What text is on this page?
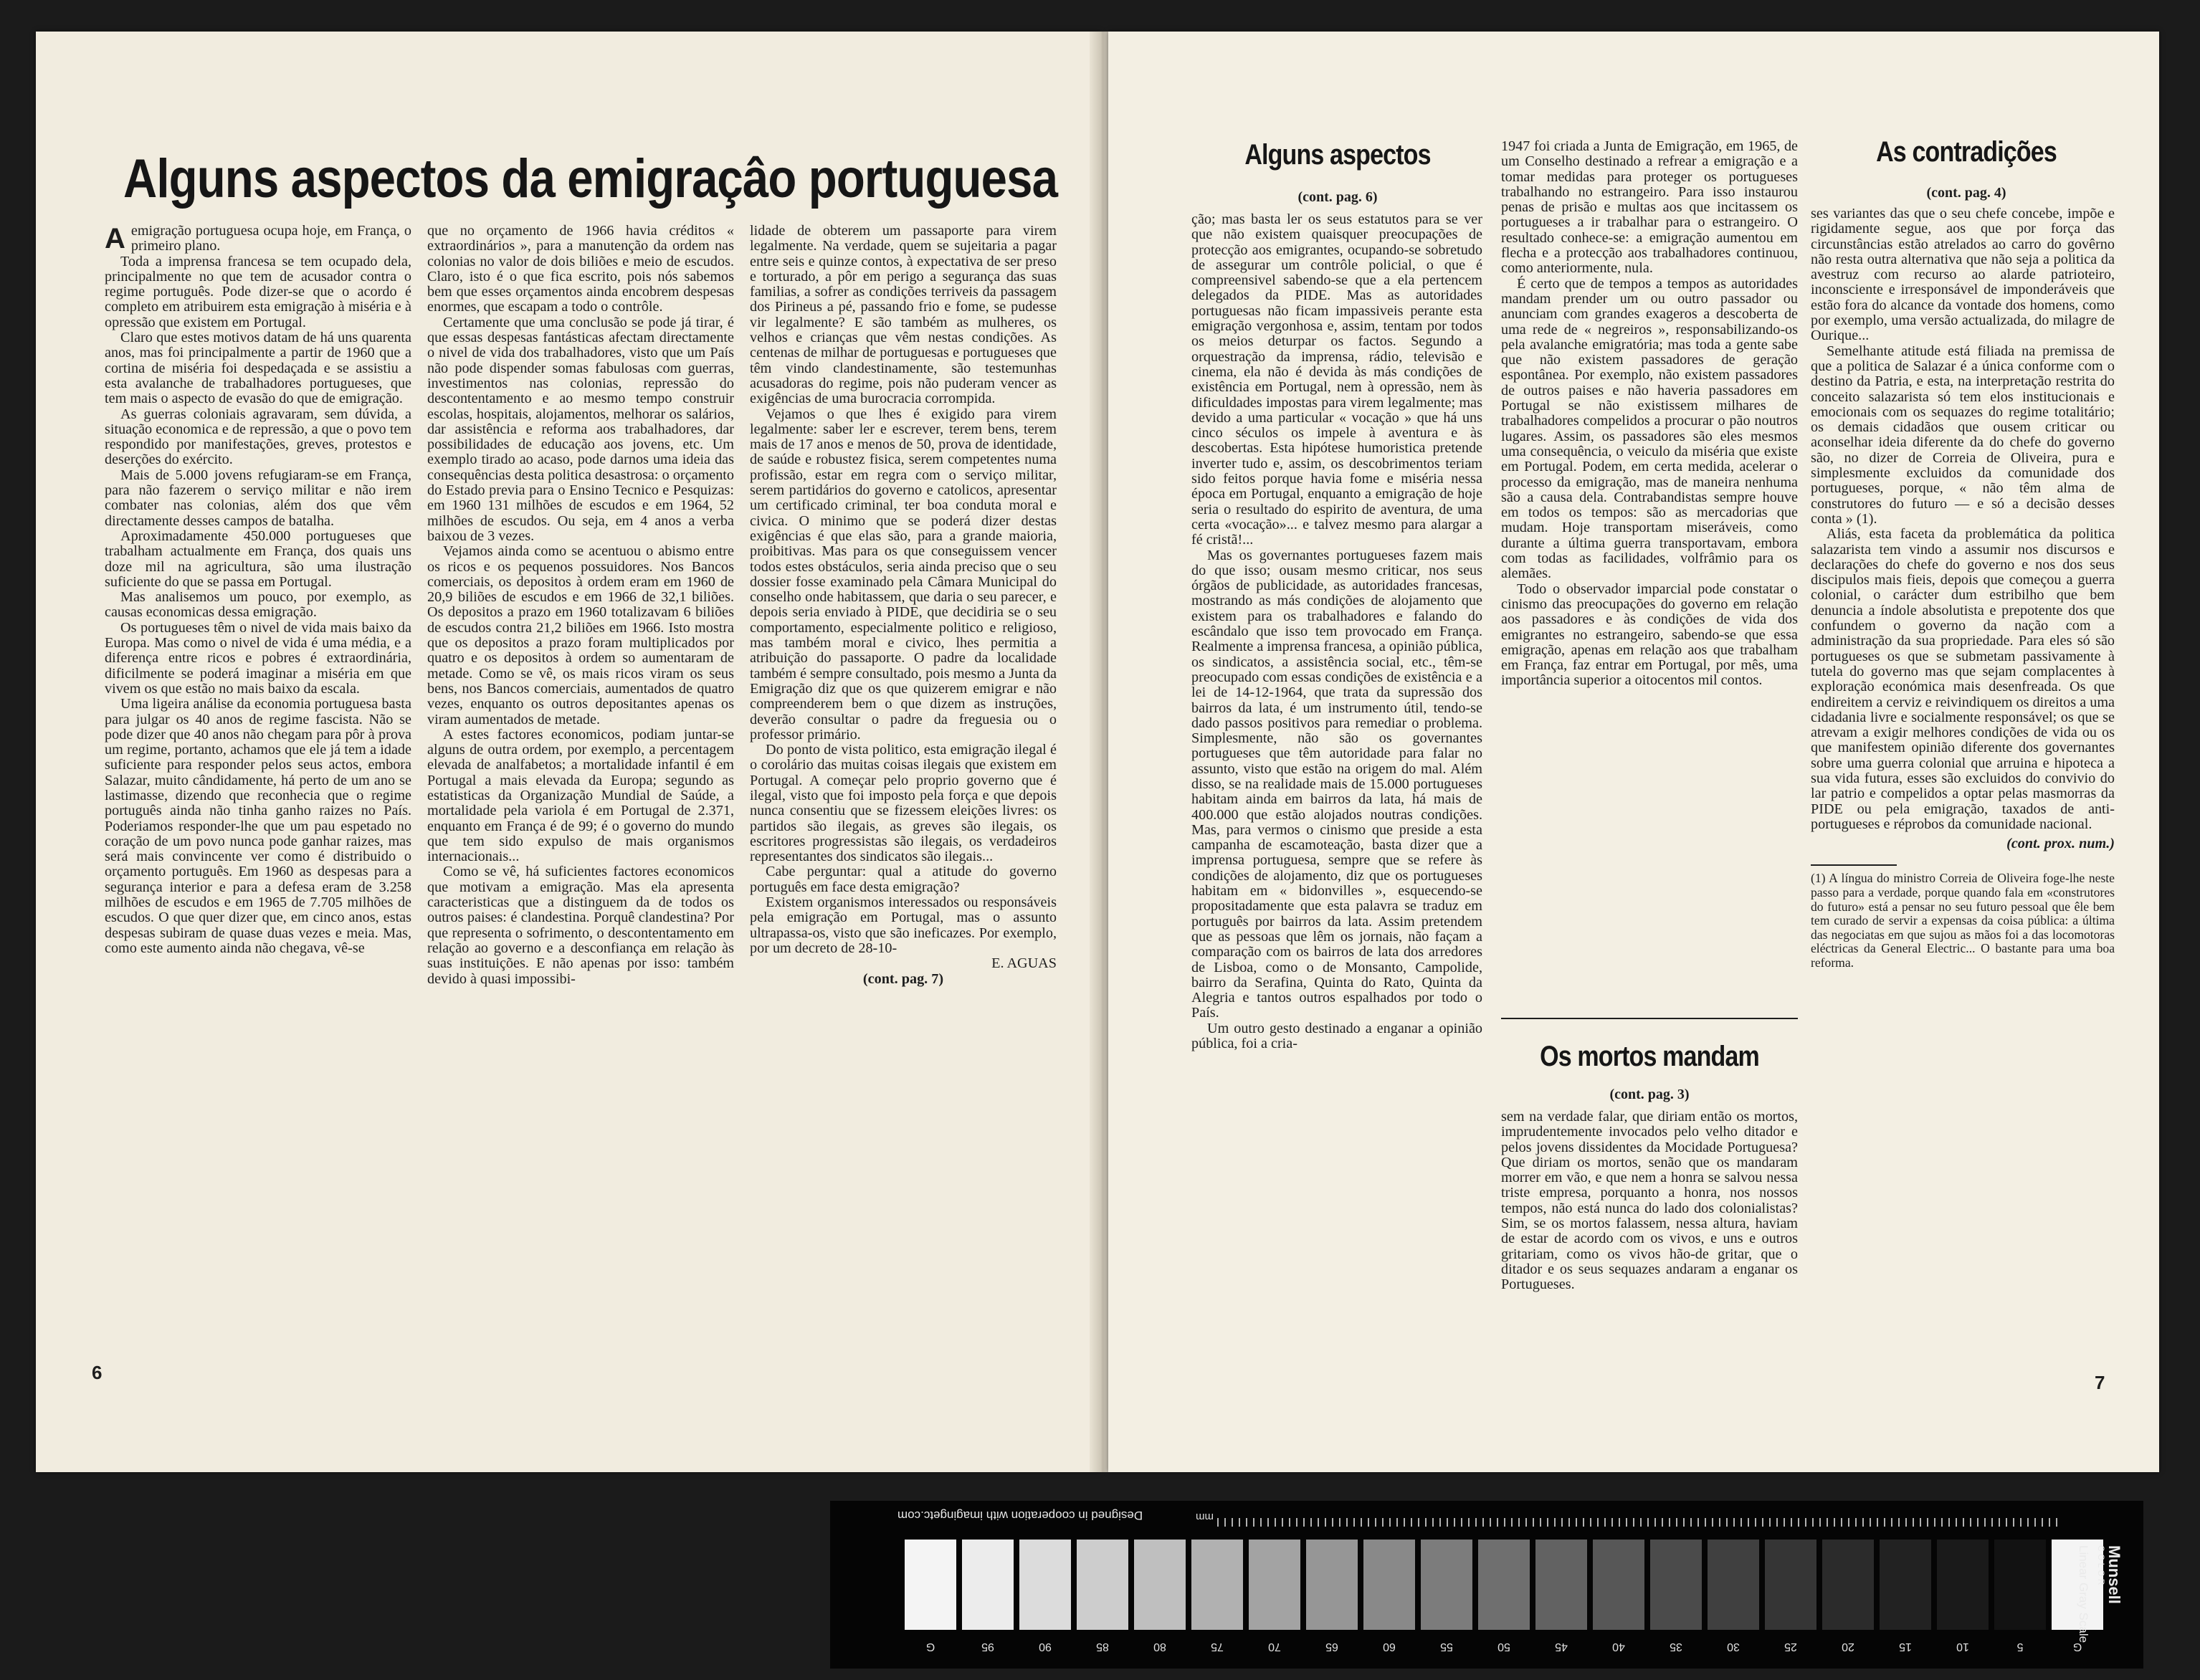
Alguns aspectos da emigraçâo portuguesa

Aemigração portuguesa ocupa hoje, em França, o primeiro plano.

Toda a imprensa francesa se tem ocupado dela, principalmente no que tem de acusador contra o regime português. Pode dizer-se que o acordo é completo em atribuirem esta emigração à miséria e à opressão que existem em Portugal.

Claro que estes motivos datam de há uns quarenta anos, mas foi principalmente a partir de 1960 que a cortina de miséria foi despedaçada e se assistiu a esta avalanche de trabalhadores portugueses, que tem mais o aspecto de evasão do que de emigração.

As guerras coloniais agravaram, sem dúvida, a situação economica e de repressão, a que o povo tem respondido por manifestações, greves, protestos e deserções do exército.

Mais de 5.000 jovens refugiaram-se em França, para não fazerem o serviço militar e não irem combater nas colonias, além dos que vêm directamente desses campos de batalha.

Aproximadamente 450.000 portugueses que trabalham actualmente em França, dos quais uns doze mil na agricultura, são uma ilustração suficiente do que se passa em Portugal.

Mas analisemos um pouco, por exemplo, as causas economicas dessa emigração.

Os portugueses têm o nivel de vida mais baixo da Europa. Mas como o nivel de vida é uma média, e a diferença entre ricos e pobres é extraordinária, dificilmente se poderá imaginar a miséria em que vivem os que estão no mais baixo da escala.

Uma ligeira análise da economia portuguesa basta para julgar os 40 anos de regime fascista. Não se pode dizer que 40 anos não chegam para pôr à prova um regime, portanto, achamos que ele já tem a idade suficiente para responder pelos seus actos, embora Salazar, muito cândidamente, há perto de um ano se lastimasse, dizendo que reconhecia que o regime português ainda não tinha ganho raizes no País. Poderiamos responder-lhe que um pau espetado no coração de um povo nunca pode ganhar raizes, mas será mais convincente ver como é distribuido o orçamento português. Em 1960 as despesas para a segurança interior e para a defesa eram de 3.258 milhões de escudos e em 1965 de 7.705 milhões de escudos. O que quer dizer que, em cinco anos, estas despesas subiram de quase duas vezes e meia. Mas, como este aumento ainda não chegava, vê-se

que no orçamento de 1966 havia créditos « extraordinários », para a manutenção da ordem nas colonias no valor de dois biliões e meio de escudos. Claro, isto é o que fica escrito, pois nós sabemos bem que esses orçamentos ainda encobrem despesas enormes, que escapam a todo o contrôle.

Certamente que uma conclusão se pode já tirar, é que essas despesas fantásticas afectam directamente o nivel de vida dos trabalhadores, visto que um País não pode dispender somas fabulosas com guerras, investimentos nas colonias, repressão do descontentamento e ao mesmo tempo construir escolas, hospitais, alojamentos, melhorar os salários, dar assistência e reforma aos trabalhadores, dar possibilidades de educação aos jovens, etc. Um exemplo tirado ao acaso, pode darnos uma ideia das consequências desta politica desastrosa: o orçamento do Estado previa para o Ensino Tecnico e Pesquizas: em 1960 131 milhões de escudos e em 1964, 52 milhões de escudos. Ou seja, em 4 anos a verba baixou de 3 vezes.

Vejamos ainda como se acentuou o abismo entre os ricos e os pequenos possuidores. Nos Bancos comerciais, os depositos à ordem eram em 1960 de 20,9 biliões de escudos e em 1966 de 32,1 biliões. Os depositos a prazo em 1960 totalizavam 6 biliões de escudos contra 21,2 biliões em 1966. Isto mostra que os depositos a prazo foram multiplicados por quatro e os depositos à ordem so aumentaram de metade. Como se vê, os mais ricos viram os seus bens, nos Bancos comerciais, aumentados de quatro vezes, enquanto os outros depositantes apenas os viram aumentados de metade.

A estes factores economicos, podiam juntar-se alguns de outra ordem, por exemplo, a percentagem elevada de analfabetos; a mortalidade infantil é em Portugal a mais elevada da Europa; segundo as estatisticas da Organização Mundial de Saúde, a mortalidade pela variola é em Portugal de 2.371, enquanto em França é de 99; é o governo do mundo que tem sido expulso de mais organismos internacionais...

Como se vê, há suficientes factores economicos que motivam a emigração. Mas ela apresenta caracteristicas que a distinguem da de todos os outros paises: é clandestina. Porquê clandestina? Por que representa o sofrimento, o descontentamento em relação ao governo e a desconfiança em relação às suas instituições. E não apenas por isso: também devido à quasi impossibi-

lidade de obterem um passaporte para virem legalmente. Na verdade, quem se sujeitaria a pagar entre seis e quinze contos, à expectativa de ser preso e torturado, a pôr em perigo a segurança das suas familias, a sofrer as condições terriveis da passagem dos Pirineus a pé, passando frio e fome, se pudesse vir legalmente? E são também as mulheres, os velhos e crianças que vêm nestas condições. As centenas de milhar de portuguesas e portugueses que têm vindo clandestinamente, são testemunhas acusadoras do regime, pois não puderam vencer as exigências de uma burocracia corrompida.

Vejamos o que lhes é exigido para virem legalmente: saber ler e escrever, terem bens, terem mais de 17 anos e menos de 50, prova de identidade, de saúde e robustez fisica, serem competentes numa profissão, estar em regra com o serviço militar, serem partidários do governo e catolicos, apresentar um certificado criminal, ter boa conduta moral e civica. O minimo que se poderá dizer destas exigências é que elas são, para a grande maioria, proibitivas. Mas para os que conseguissem vencer todos estes obstáculos, seria ainda preciso que o seu dossier fosse examinado pela Câmara Municipal do conselho onde habitassem, que daria o seu parecer, e depois seria enviado à PIDE, que decidiria se o seu comportamento, especialmente politico e religioso, mas também moral e civico, lhes permitia a atribuição do passaporte. O padre da localidade também é sempre consultado, pois mesmo a Junta da Emigração diz que os que quizerem emigrar e não compreenderem bem o que dizem as instruções, deverão consultar o padre da freguesia ou o professor primário.

Do ponto de vista politico, esta emigração ilegal é o corolário das muitas coisas ilegais que existem em Portugal. A começar pelo proprio governo que é ilegal, visto que foi imposto pela força e que depois nunca consentiu que se fizessem eleições livres: os partidos são ilegais, as greves são ilegais, os escritores progressistas são ilegais, os verdadeiros representantes dos sindicatos são ilegais...

Cabe perguntar: qual a atitude do governo português em face desta emigração?

Existem organismos interessados ou responsáveis pela emigração em Portugal, mas o assunto ultrapassa-os, visto que são ineficazes. Por exemplo, por um decreto de 28-10-

E. AGUAS

(cont. pag. 7)

6
Alguns aspectos
(cont. pag. 6)

ção; mas basta ler os seus estatutos para se ver que não existem quaisquer preocupações de protecção aos emigrantes, ocupando-se sobretudo de assegurar um contrôle policial, o que é compreensivel sabendo-se que a ela pertencem delegados da PIDE. Mas as autoridades portuguesas não ficam impassiveis perante esta emigração vergonhosa e, assim, tentam por todos os meios deturpar os factos. Segundo a orquestração da imprensa, rádio, televisão e cinema, ela não é devida às más condições de existência em Portugal, nem à opressão, nem às dificuldades impostas para virem legalmente; mas devido a uma particular « vocação » que há uns cinco séculos os impele à aventura e às descobertas. Esta hipótese humoristica pretende inverter tudo e, assim, os descobrimentos teriam sido feitos porque havia fome e miséria nessa época em Portugal, enquanto a emigração de hoje seria o resultado do espirito de aventura, de uma certa «vocação»... e talvez mesmo para alargar a fé cristã!...

Mas os governantes portugueses fazem mais do que isso; ousam mesmo criticar, nos seus órgãos de publicidade, as autoridades francesas, mostrando as más condições de alojamento que existem para os trabalhadores e falando do escândalo que isso tem provocado em França. Realmente a imprensa francesa, a opinião pública, os sindicatos, a assistência social, etc., têm-se preocupado com essas condições de existência e a lei de 14-12-1964, que trata da supressão dos bairros da lata, é um instrumento útil, tendo-se dado passos positivos para remediar o problema. Simplesmente, não são os governantes portugueses que têm autoridade para falar no assunto, visto que estão na origem do mal. Além disso, se na realidade mais de 15.000 portugueses habitam ainda em bairros da lata, há mais de 400.000 que estão alojados noutras condições. Mas, para vermos o cinismo que preside a esta campanha de escamoteação, basta dizer que a imprensa portuguesa, sempre que se refere às condições de alojamento, diz que os portugueses habitam em « bidonvilles », esquecendo-se propositadamente que esta palavra se traduz em português por bairros da lata. Assim pretendem que as pessoas que lêm os jornais, não façam a comparação com os bairros de lata dos arredores de Lisboa, como o de Monsanto, Campolide, bairro da Serafina, Quinta do Rato, Quinta da Alegria e tantos outros espalhados por todo o País.

Um outro gesto destinado a enganar a opinião pública, foi a cria-

1947 foi criada a Junta de Emigração, em 1965, de um Conselho destinado a refrear a emigração e a tomar medidas para proteger os portugueses trabalhando no estrangeiro. Para isso instaurou penas de prisão e multas aos que incitassem os portugueses a ir trabalhar para o estrangeiro. O resultado conhece-se: a emigração aumentou em flecha e a protecção aos trabalhadores continuou, como anteriormente, nula.

É certo que de tempos a tempos as autoridades mandam prender um ou outro passador ou anunciam com grandes exageros a descoberta de uma rede de « negreiros », responsabilizando-os pela avalanche emigratória; mas toda a gente sabe que não existem passadores de geração espontânea. Por exemplo, não existem passadores de outros paises e não haveria passadores em Portugal se não existissem milhares de trabalhadores compelidos a procurar o pão noutros lugares. Assim, os passadores são eles mesmos uma consequência, o veiculo da miséria que existe em Portugal. Podem, em certa medida, acelerar o processo da emigração, mas de maneira nenhuma são a causa dela. Contrabandistas sempre houve em todos os tempos: são as mercadorias que mudam. Hoje transportam miseráveis, como durante a última guerra transportavam, embora com todas as facilidades, volfrâmio para os alemães.

Todo o observador imparcial pode constatar o cinismo das preocupações do governo em relação aos passadores e às condições de vida dos emigrantes no estrangeiro, sabendo-se que essa emigração, apenas em relação aos que trabalham em França, faz entrar em Portugal, por mês, uma importância superior a oitocentos mil contos.

Os mortos mandam
(cont. pag. 3)

sem na verdade falar, que diriam então os mortos, imprudentemente invocados pelo velho ditador e pelos jovens dissidentes da Mocidade Portuguesa? Que diriam os mortos, senão que os mandaram morrer em vão, e que nem a honra se salvou nessa triste empresa, porquanto a honra, nos nossos tempos, não está nunca do lado dos colonialistas? Sim, se os mortos falassem, nessa altura, haviam de estar de acordo com os vivos, e uns e outros gritariam, como os vivos hão-de gritar, que o ditador e os seus sequazes andaram a enganar os Portugueses.

As contradições
(cont. pag. 4)

ses variantes das que o seu chefe concebe, impõe e rigidamente segue, aos que por força das circunstâncias estão atrelados ao carro do govêrno não resta outra alternativa que não seja a politica da avestruz com recurso ao alarde patrioteiro, inconsciente e irresponsável de imponderáveis que estão fora do alcance da vontade dos homens, como por exemplo, uma versão actualizada, do milagre de Ourique...

Semelhante atitude está filiada na premissa de que a politica de Salazar é a única conforme com o destino da Patria, e esta, na interpretação restrita do conceito salazarista só tem elos institucionais e emocionais com os sequazes do regime totalitário; os demais cidadãos que ousem criticar ou aconselhar ideia diferente da do chefe do governo são, no dizer de Correia de Oliveira, pura e simplesmente excluidos da comunidade dos portugueses, porque, « não têm alma de construtores do futuro — e só a decisão desses conta » (1).

Aliás, esta faceta da problemática da politica salazarista tem vindo a assumir nos discursos e declarações do chefe do governo e nos dos seus discipulos mais fieis, depois que começou a guerra colonial, o carácter dum estribilho que bem denuncia a índole absolutista e prepotente dos que confundem o governo da nação com a administração da sua propriedade. Para eles só são portugueses os que se submetam passivamente à tutela do governo mas que sejam complacentes à exploração económica mais desenfreada. Os que endireitem a cerviz e reivindiquem os direitos a uma cidadania livre e socialmente responsável; os que se atrevam a exigir melhores condições de vida ou os que manifestem opinião diferente dos governantes sobre uma guerra colonial que arruina e hipoteca a sua vida futura, esses são excluidos do convivio do lar patrio e compelidos a optar pelas masmorras da PIDE ou pela emigração, taxados de anti-portugueses e réprobos da comunidade nacional.

(cont. prox. num.)

(1) A língua do ministro Correia de Oliveira foge-lhe neste passo para a verdade, porque quando fala em «construtores do futuro» está a pensar no seu futuro pessoal que êle bem tem curado de servir a expensas da coisa pública: a última das negociatas em que sujou as mãos foi a das locomotoras eléctricas da General Electric... O bastante para uma boa reforma.

7
Designed in cooperation with imagingetc.com	mm
G	95	90	85	80	75	70	65	60	55	50	45	40	35	30	25	20	15	10	5	G
Munsell
C O L O R
Linear Gray Scale
